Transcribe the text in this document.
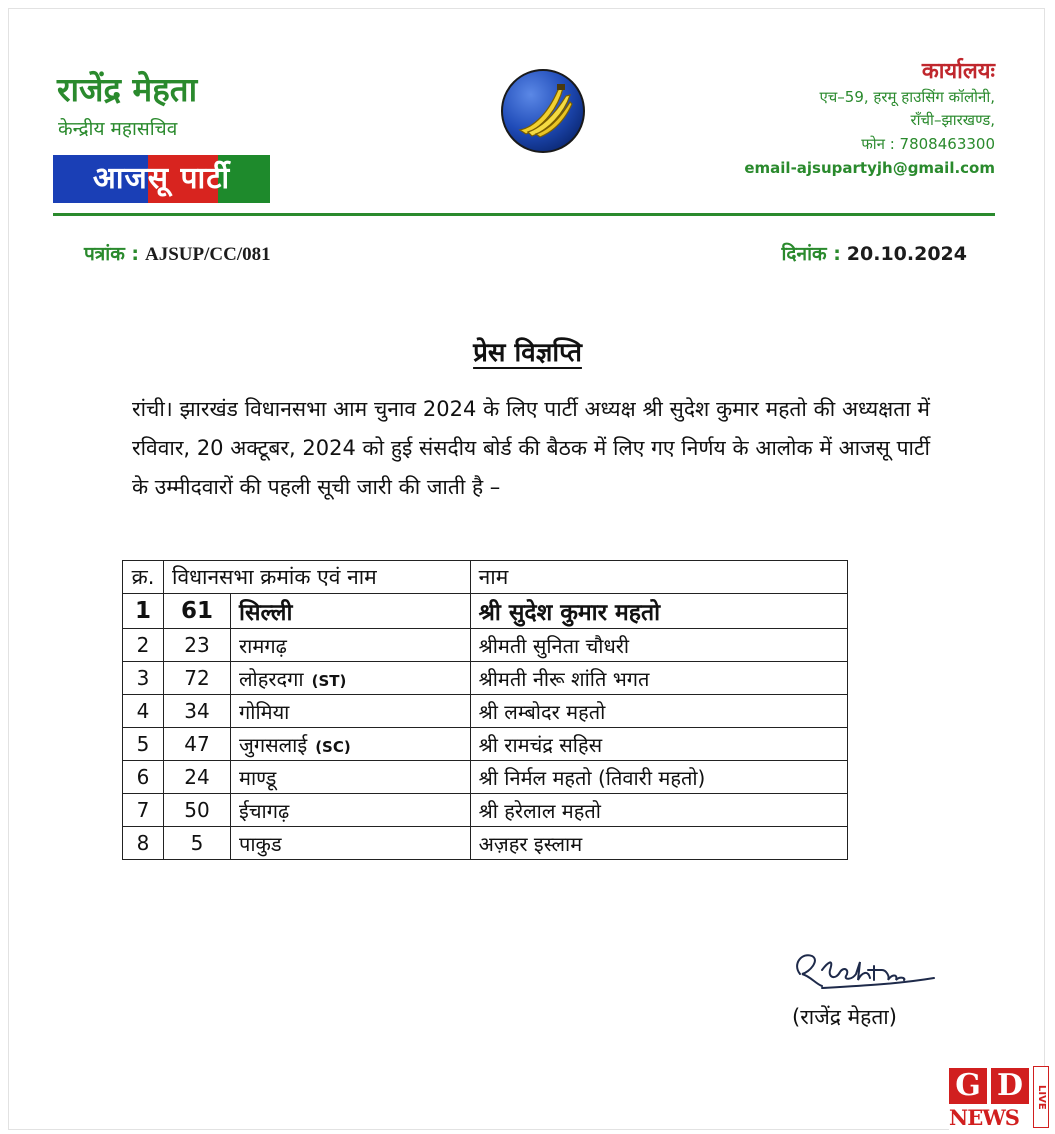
राजेंद्र मेहता
केन्द्रीय महासचिव
आजसू पार्टी
कार्यालयः
एच–59, हरमू हाउसिंग कॉलोनी,
राँची–झारखण्ड,
फोन : 7808463300
email-ajsupartyjh@gmail.com
पत्रांक : AJSUP/CC/081	दिनांक : 20.10.2024
प्रेस विज्ञप्ति
रांची। झारखंड विधानसभा आम चुनाव 2024 के लिए पार्टी अध्यक्ष श्री सुदेश कुमार महतो की अध्यक्षता में रविवार, 20 अक्टूबर, 2024 को हुई संसदीय बोर्ड की बैठक में लिए गए निर्णय के आलोक में आजसू पार्टी के उम्मीदवारों की पहली सूची जारी की जाती है –
क्र.	विधानसभा क्रमांक एवं नाम		नाम
1	61	सिल्ली	श्री सुदेश कुमार महतो
2	23	रामगढ़	श्रीमती सुनिता चौधरी
3	72	लोहरदगा (ST)	श्रीमती नीरू शांति भगत
4	34	गोमिया	श्री लम्बोदर महतो
5	47	जुगसलाई (SC)	श्री रामचंद्र सहिस
6	24	माण्डू	श्री निर्मल महतो (तिवारी महतो)
7	50	ईचागढ़	श्री हरेलाल महतो
8	5	पाकुड	अज़हर इस्लाम
(राजेंद्र मेहता)
G D	LIVE
NEWS
